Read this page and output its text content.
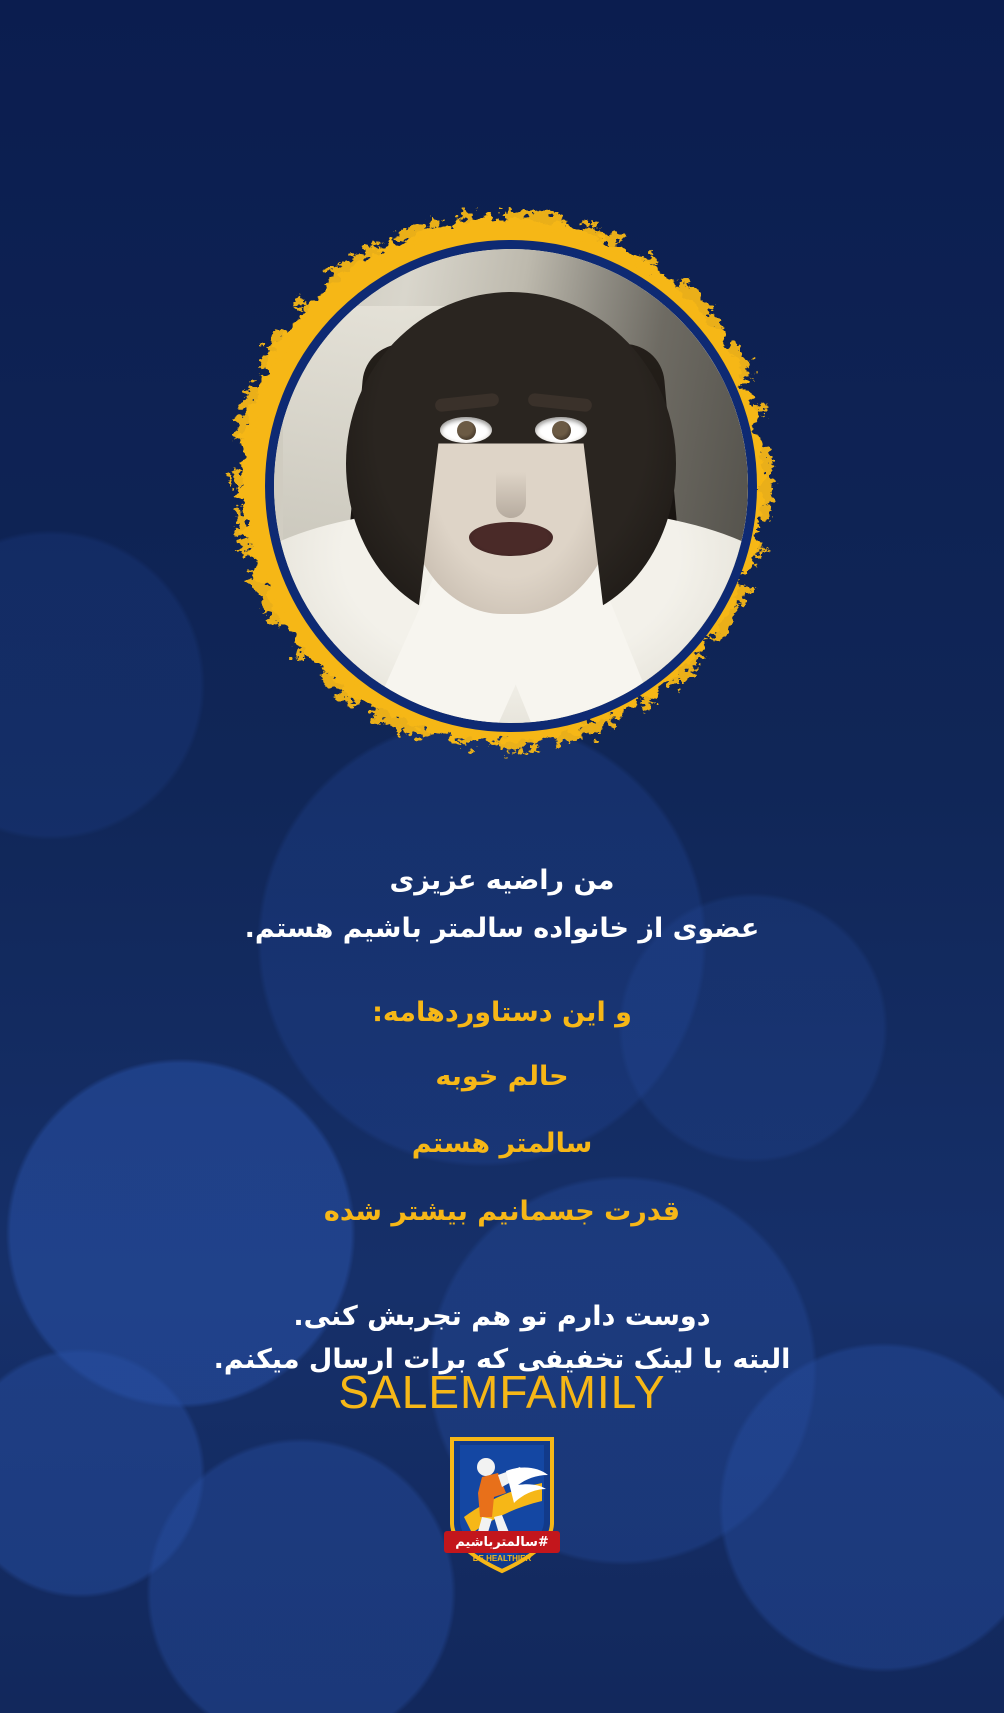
من راضیه عزیزی
عضوی از خانواده سالمتر باشیم هستم.
و این دستاوردهامه:
حالم خوبه
سالمتر هستم
قدرت جسمانیم بیشتر شده
دوست دارم تو هم تجربش کنی.
البته با لینک تخفیفی که برات ارسال میکنم.
SALEMFAMILY
#سالمتر‌باشیم
BE HEALTHIER
